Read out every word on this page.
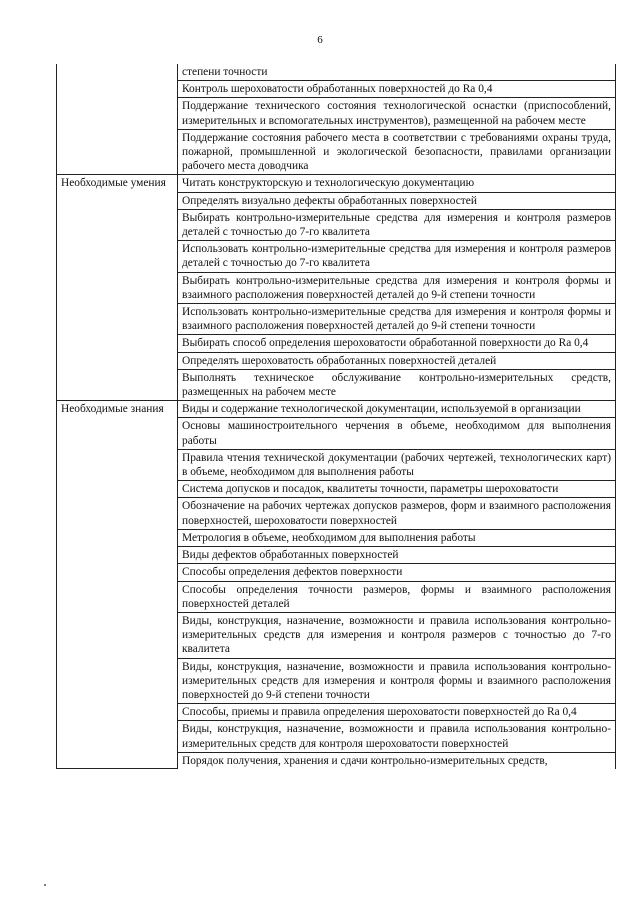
6

	степени точности

	Контроль шероховатости обработанных поверхностей до Ra 0,4

	Поддержание технического состояния технологической оснастки (приспособлений, измерительных и вспомогательных инструментов), размещенной на рабочем месте

	Поддержание состояния рабочего места в соответствии с требованиями охраны труда, пожарной, промышленной и экологической безопасности, правилами организации рабочего места доводчика

Необходимые умения	Читать конструкторскую и технологическую документацию

	Определять визуально дефекты обработанных поверхностей

	Выбирать контрольно-измерительные средства для измерения и контроля размеров деталей с точностью до 7-го квалитета

	Использовать контрольно-измерительные средства для измерения и контроля размеров деталей с точностью до 7-го квалитета

	Выбирать контрольно-измерительные средства для измерения и контроля формы и взаимного расположения поверхностей деталей до 9-й степени точности

	Использовать контрольно-измерительные средства для измерения и контроля формы и взаимного расположения поверхностей деталей до 9-й степени точности

	Выбирать способ определения шероховатости обработанной поверхности до Ra 0,4

	Определять шероховатость обработанных поверхностей деталей

	Выполнять техническое обслуживание контрольно-измерительных средств, размещенных на рабочем месте

Необходимые знания	Виды и содержание технологической документации, используемой в организации

	Основы машиностроительного черчения в объеме, необходимом для выполнения работы

	Правила чтения технической документации (рабочих чертежей, технологических карт) в объеме, необходимом для выполнения работы

	Система допусков и посадок, квалитеты точности, параметры шероховатости

	Обозначение на рабочих чертежах допусков размеров, форм и взаимного расположения поверхностей, шероховатости поверхностей

	Метрология в объеме, необходимом для выполнения работы

	Виды дефектов обработанных поверхностей

	Способы определения дефектов поверхности

	Способы определения точности размеров, формы и взаимного расположения поверхностей деталей

	Виды, конструкция, назначение, возможности и правила использования контрольно-измерительных средств для измерения и контроля размеров с точностью до 7-го квалитета

	Виды, конструкция, назначение, возможности и правила использования контрольно-измерительных средств для измерения и контроля формы и взаимного расположения поверхностей до 9-й степени точности

	Способы, приемы и правила определения шероховатости поверхностей до Ra 0,4

	Виды, конструкция, назначение, возможности и правила использования контрольно-измерительных средств для контроля шероховатости поверхностей

	Порядок получения, хранения и сдачи контрольно-измерительных средств,
